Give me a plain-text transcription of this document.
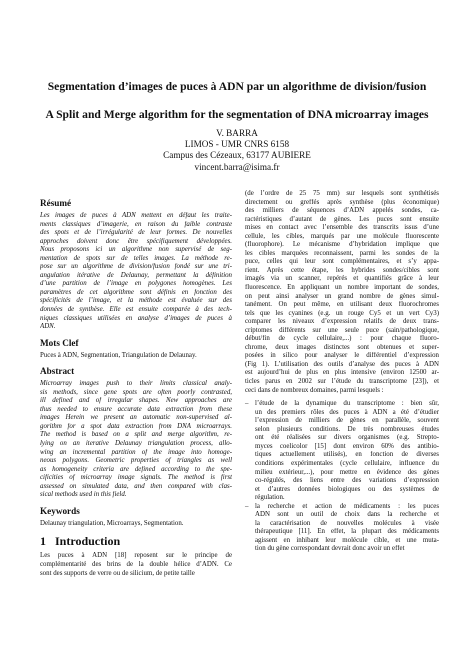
Segmentation d’images de puces à ADN par un algorithme de division/fusion
A Split and Merge algorithm for the segmentation of DNA microarray images
V. BARRA
LIMOS - UMR CNRS 6158
Campus des Cézeaux, 63177 AUBIERE
vincent.barra@isima.fr
Résumé
Les images de puces à ADN mettent en défaut les traite-
ments classiques d’imagerie, en raison du faible contraste
des spots et de l’irrégularité de leur formes. De nouvelles
approches doivent donc être spécifiquement développées.
Nous proposons ici un algorithme non supervisé de seg-
mentation de spots sur de telles images. La méthode re-
pose sur un algorithme de division/fusion fondé sur une tri-
angulation itérative de Delaunay, permettant la définition
d’une partition de l’image en polygones homogènes. Les
paramètres de cet algorithme sont définis en fonction des
spécificités de l’image, et la méthode est évaluée sur des
données de synthèse. Elle est ensuite comparée à des tech-
niques classiques utilisées en analyse d’images de puces à
ADN.
Mots Clef
Puces à ADN, Segmentation, Triangulation de Delaunay.
Abstract
Microarray images push to their limits classical analy-
sis methods, since gene spots are often poorly contrasted,
ill defined and of irregular shapes. New approaches are
thus needed to ensure accurate data extraction from these
images Herein we present an automatic non-supervised al-
gorithm for a spot data extraction from DNA microarrays.
The method is based on a split and merge algorithm, re-
lying on an iterative Delaunay triangulation process, allo-
wing an incremental partition of the image into homoge-
neous polygons. Geometric properties of triangles as well
as homogeneity criteria are defined according to the spe-
cificities of microarray image signals. The method is first
assessed on simulated data, and then compared with clas-
sical methods used in this field.
Keywords
Delaunay triangulation, Microarrays, Segmentation.
1 Introduction
Les puces à ADN [18] reposent sur le principe de
complémentarité des brins de la double hélice d’ADN. Ce
sont des supports de verre ou de silicium, de petite taille
(de l’ordre de 25 75 mm) sur lesquels sont synthétisés
directement ou greffés après synthèse (plus économique)
des milliers de séquences d’ADN appelés sondes, ca-
ractéristiques d’autant de gènes. Les puces sont ensuite
mises en contact avec l’ensemble des transcrits issus d’une
cellule, les cibles, marqués par une molécule fluorescente
(fluorophore). Le mécanisme d’hybridation implique que
les cibles marquées reconnaissent, parmi les sondes de la
puce, celles qui leur sont complémentaires, et s’y appa-
rient. Après cette étape, les hybrides sondes/cibles sont
imagés via un scanner, repérés et quantifiés grâce à leur
fluorescence. En appliquant un nombre important de sondes,
on peut ainsi analyser un grand nombre de gènes simul-
tanément. On peut même, en utilisant deux fluorochromes
tels que les cyanines (e.g. un rouge Cy5 et un vert Cy3)
comparer les niveaux d’expression relatifs de deux trans-
criptomes différents sur une seule puce (sain/pathologique,
début/fin de cycle cellulaire,...) : pour chaque fluoro-
chrome, deux images distinctes sont obtenues et super-
posées in silico pour analyser le différentiel d’expression
(Fig 1). L’utilisation des outils d’analyse des puces à ADN
est aujourd’hui de plus en plus intensive (environ 12500 ar-
ticles parus en 2002 sur l’étude du transcriptome [23]), et
ceci dans de nombreux domaines, parmi lesquels :
– l’étude de la dynamique du transcriptome : bien sûr,
un des premiers rôles des puces à ADN a été d’étudier
l’expression de milliers de gènes en parallèle, souvent
selon plusieurs conditions. De très nombreuses études
ont été réalisées sur divers organismes (e.g. Strepto-
myces coelicolor [15] dont environ 60% des antibio-
tiques actuellement utilisés), en fonction de diverses
conditions expérimentales (cycle cellulaire, influence du
milieu extérieur,...), pour mettre en évidence des gènes
co-régulés, des liens entre des variations d’expression
et d’autres données biologiques ou des systèmes de
régulation.
– la recherche et action de médicaments : les puces
ADN sont un outil de choix dans la recherche et
la caractérisation de nouvelles molécules à visée
thérapeutique [11]. En effet, la plupart des médicaments
agissent en inhibant leur molécule cible, et une muta-
tion du gène correspondant devrait donc avoir un effet
